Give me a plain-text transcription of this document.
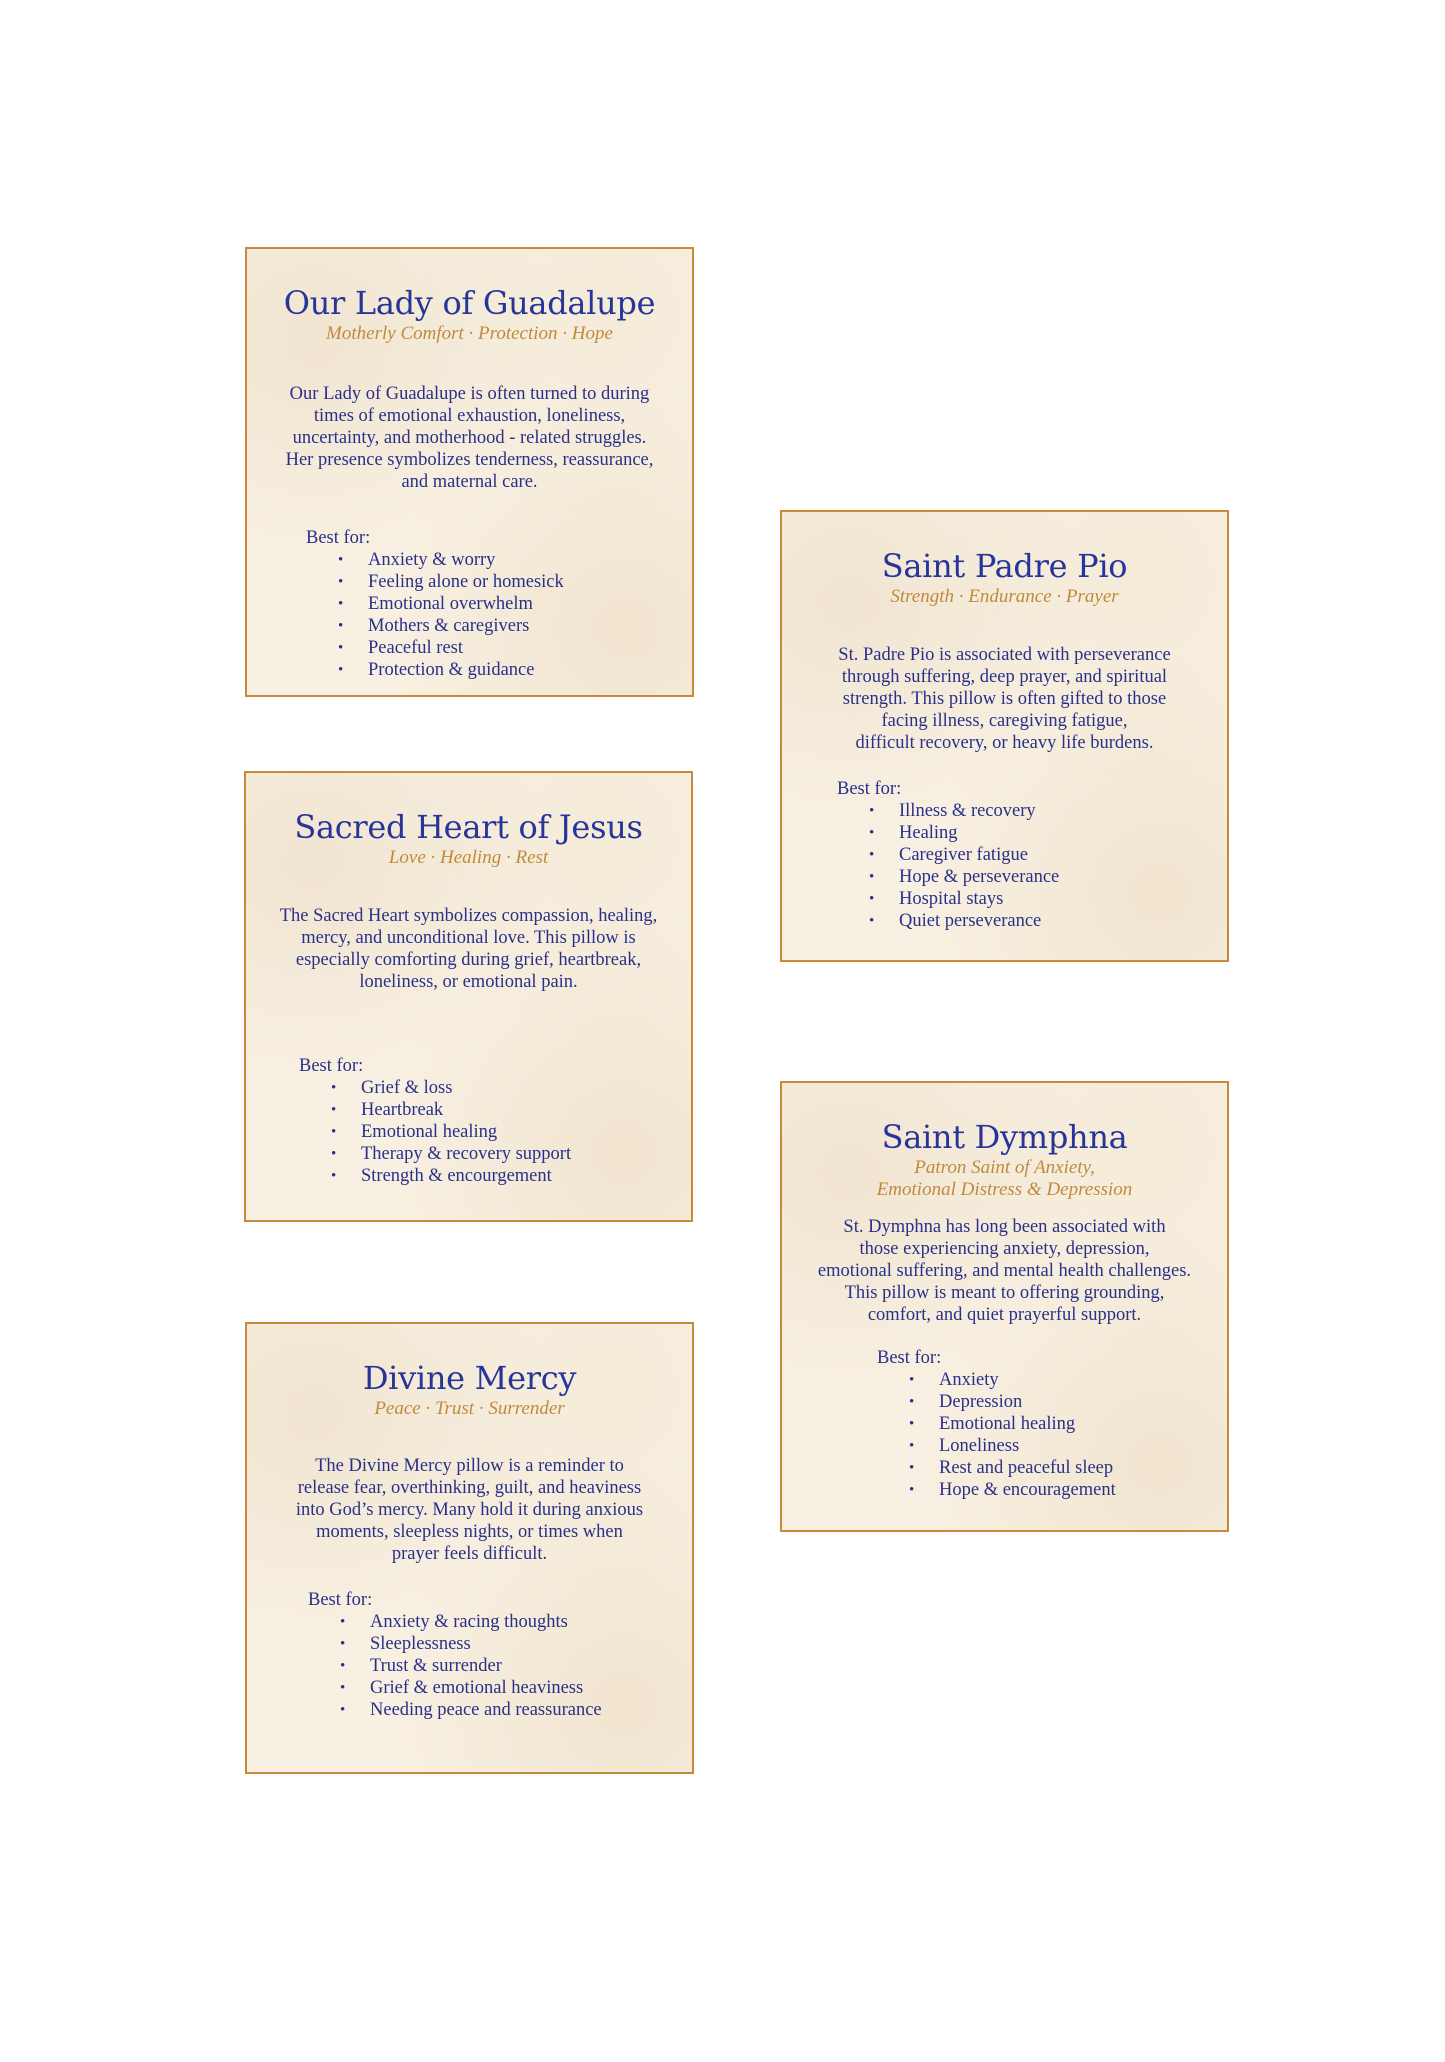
Our Lady of Guadalupe

Motherly Comfort · Protection · Hope

Our Lady of Guadalupe is often turned to during
times of emotional exhaustion, loneliness,
uncertainty, and motherhood - related struggles.
Her presence symbolizes tenderness, reassurance,
and maternal care.

Best for:

• Anxiety & worry
• Feeling alone or homesick
• Emotional overwhelm
• Mothers & caregivers
• Peaceful rest
• Protection & guidance
Saint Padre Pio

Strength · Endurance · Prayer

St. Padre Pio is associated with perseverance
through suffering, deep prayer, and spiritual
strength. This pillow is often gifted to those
facing illness, caregiving fatigue,
difficult recovery, or heavy life burdens.

Best for:

• Illness & recovery
• Healing
• Caregiver fatigue
• Hope & perseverance
• Hospital stays
• Quiet perseverance
Sacred Heart of Jesus

Love · Healing · Rest

The Sacred Heart symbolizes compassion, healing,
mercy, and unconditional love. This pillow is
especially comforting during grief, heartbreak,
loneliness, or emotional pain.

Best for:

• Grief & loss
• Heartbreak
• Emotional healing
• Therapy & recovery support
• Strength & encourgement
Saint Dymphna

Patron Saint of Anxiety,
Emotional Distress & Depression

St. Dymphna has long been associated with
those experiencing anxiety, depression,
emotional suffering, and mental health challenges.
This pillow is meant to offering grounding,
comfort, and quiet prayerful support.

Best for:

• Anxiety
• Depression
• Emotional healing
• Loneliness
• Rest and peaceful sleep
• Hope & encouragement
Divine Mercy

Peace · Trust · Surrender

The Divine Mercy pillow is a reminder to
release fear, overthinking, guilt, and heaviness
into God’s mercy. Many hold it during anxious
moments, sleepless nights, or times when
prayer feels difficult.

Best for:

• Anxiety & racing thoughts
• Sleeplessness
• Trust & surrender
• Grief & emotional heaviness
• Needing peace and reassurance
